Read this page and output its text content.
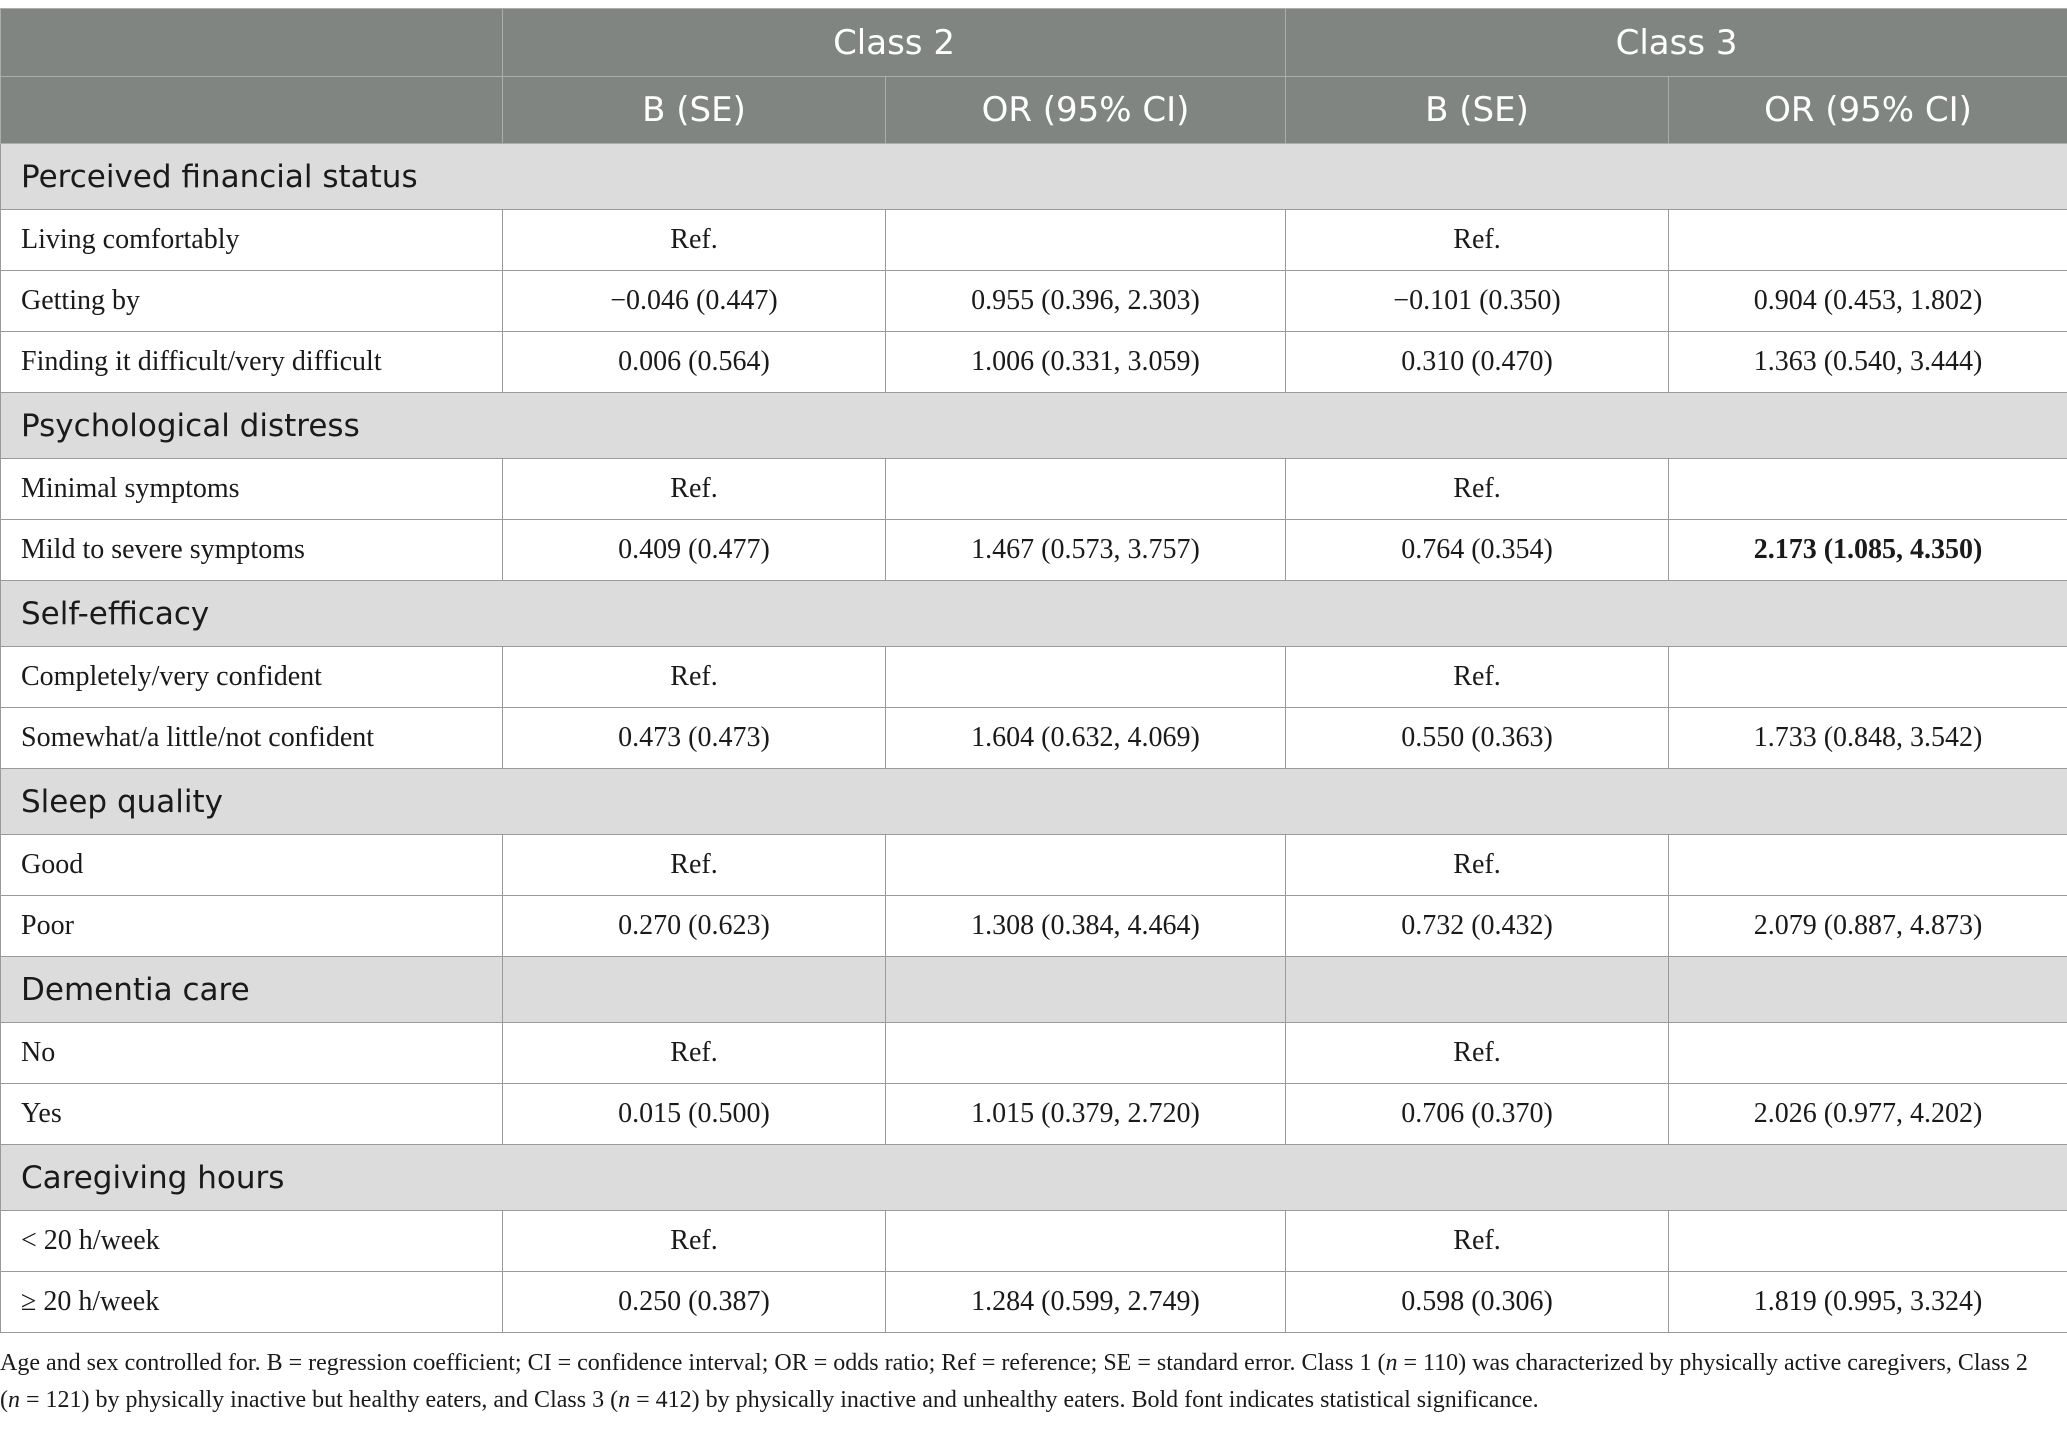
	Class 2		Class 3	
	B (SE)	OR (95% CI)	B (SE)	OR (95% CI)
Perceived financial status				
Living comfortably	Ref.		Ref.	
Getting by	−0.046 (0.447)	0.955 (0.396, 2.303)	−0.101 (0.350)	0.904 (0.453, 1.802)
Finding it difficult/very difficult	0.006 (0.564)	1.006 (0.331, 3.059)	0.310 (0.470)	1.363 (0.540, 3.444)
Psychological distress				
Minimal symptoms	Ref.		Ref.	
Mild to severe symptoms	0.409 (0.477)	1.467 (0.573, 3.757)	0.764 (0.354)	2.173 (1.085, 4.350)
Self-efficacy				
Completely/very confident	Ref.		Ref.	
Somewhat/a little/not confident	0.473 (0.473)	1.604 (0.632, 4.069)	0.550 (0.363)	1.733 (0.848, 3.542)
Sleep quality				
Good	Ref.		Ref.	
Poor	0.270 (0.623)	1.308 (0.384, 4.464)	0.732 (0.432)	2.079 (0.887, 4.873)
Dementia care				
No	Ref.		Ref.	
Yes	0.015 (0.500)	1.015 (0.379, 2.720)	0.706 (0.370)	2.026 (0.977, 4.202)
Caregiving hours				
< 20 h/week	Ref.		Ref.	
≥ 20 h/week	0.250 (0.387)	1.284 (0.599, 2.749)	0.598 (0.306)	1.819 (0.995, 3.324)
Age and sex controlled for. B = regression coefficient; CI = confidence interval; OR = odds ratio; Ref = reference; SE = standard error. Class 1 (n = 110) was characterized by physically active caregivers, Class 2 (n = 121) by physically inactive but healthy eaters, and Class 3 (n = 412) by physically inactive and unhealthy eaters. Bold font indicates statistical significance.
